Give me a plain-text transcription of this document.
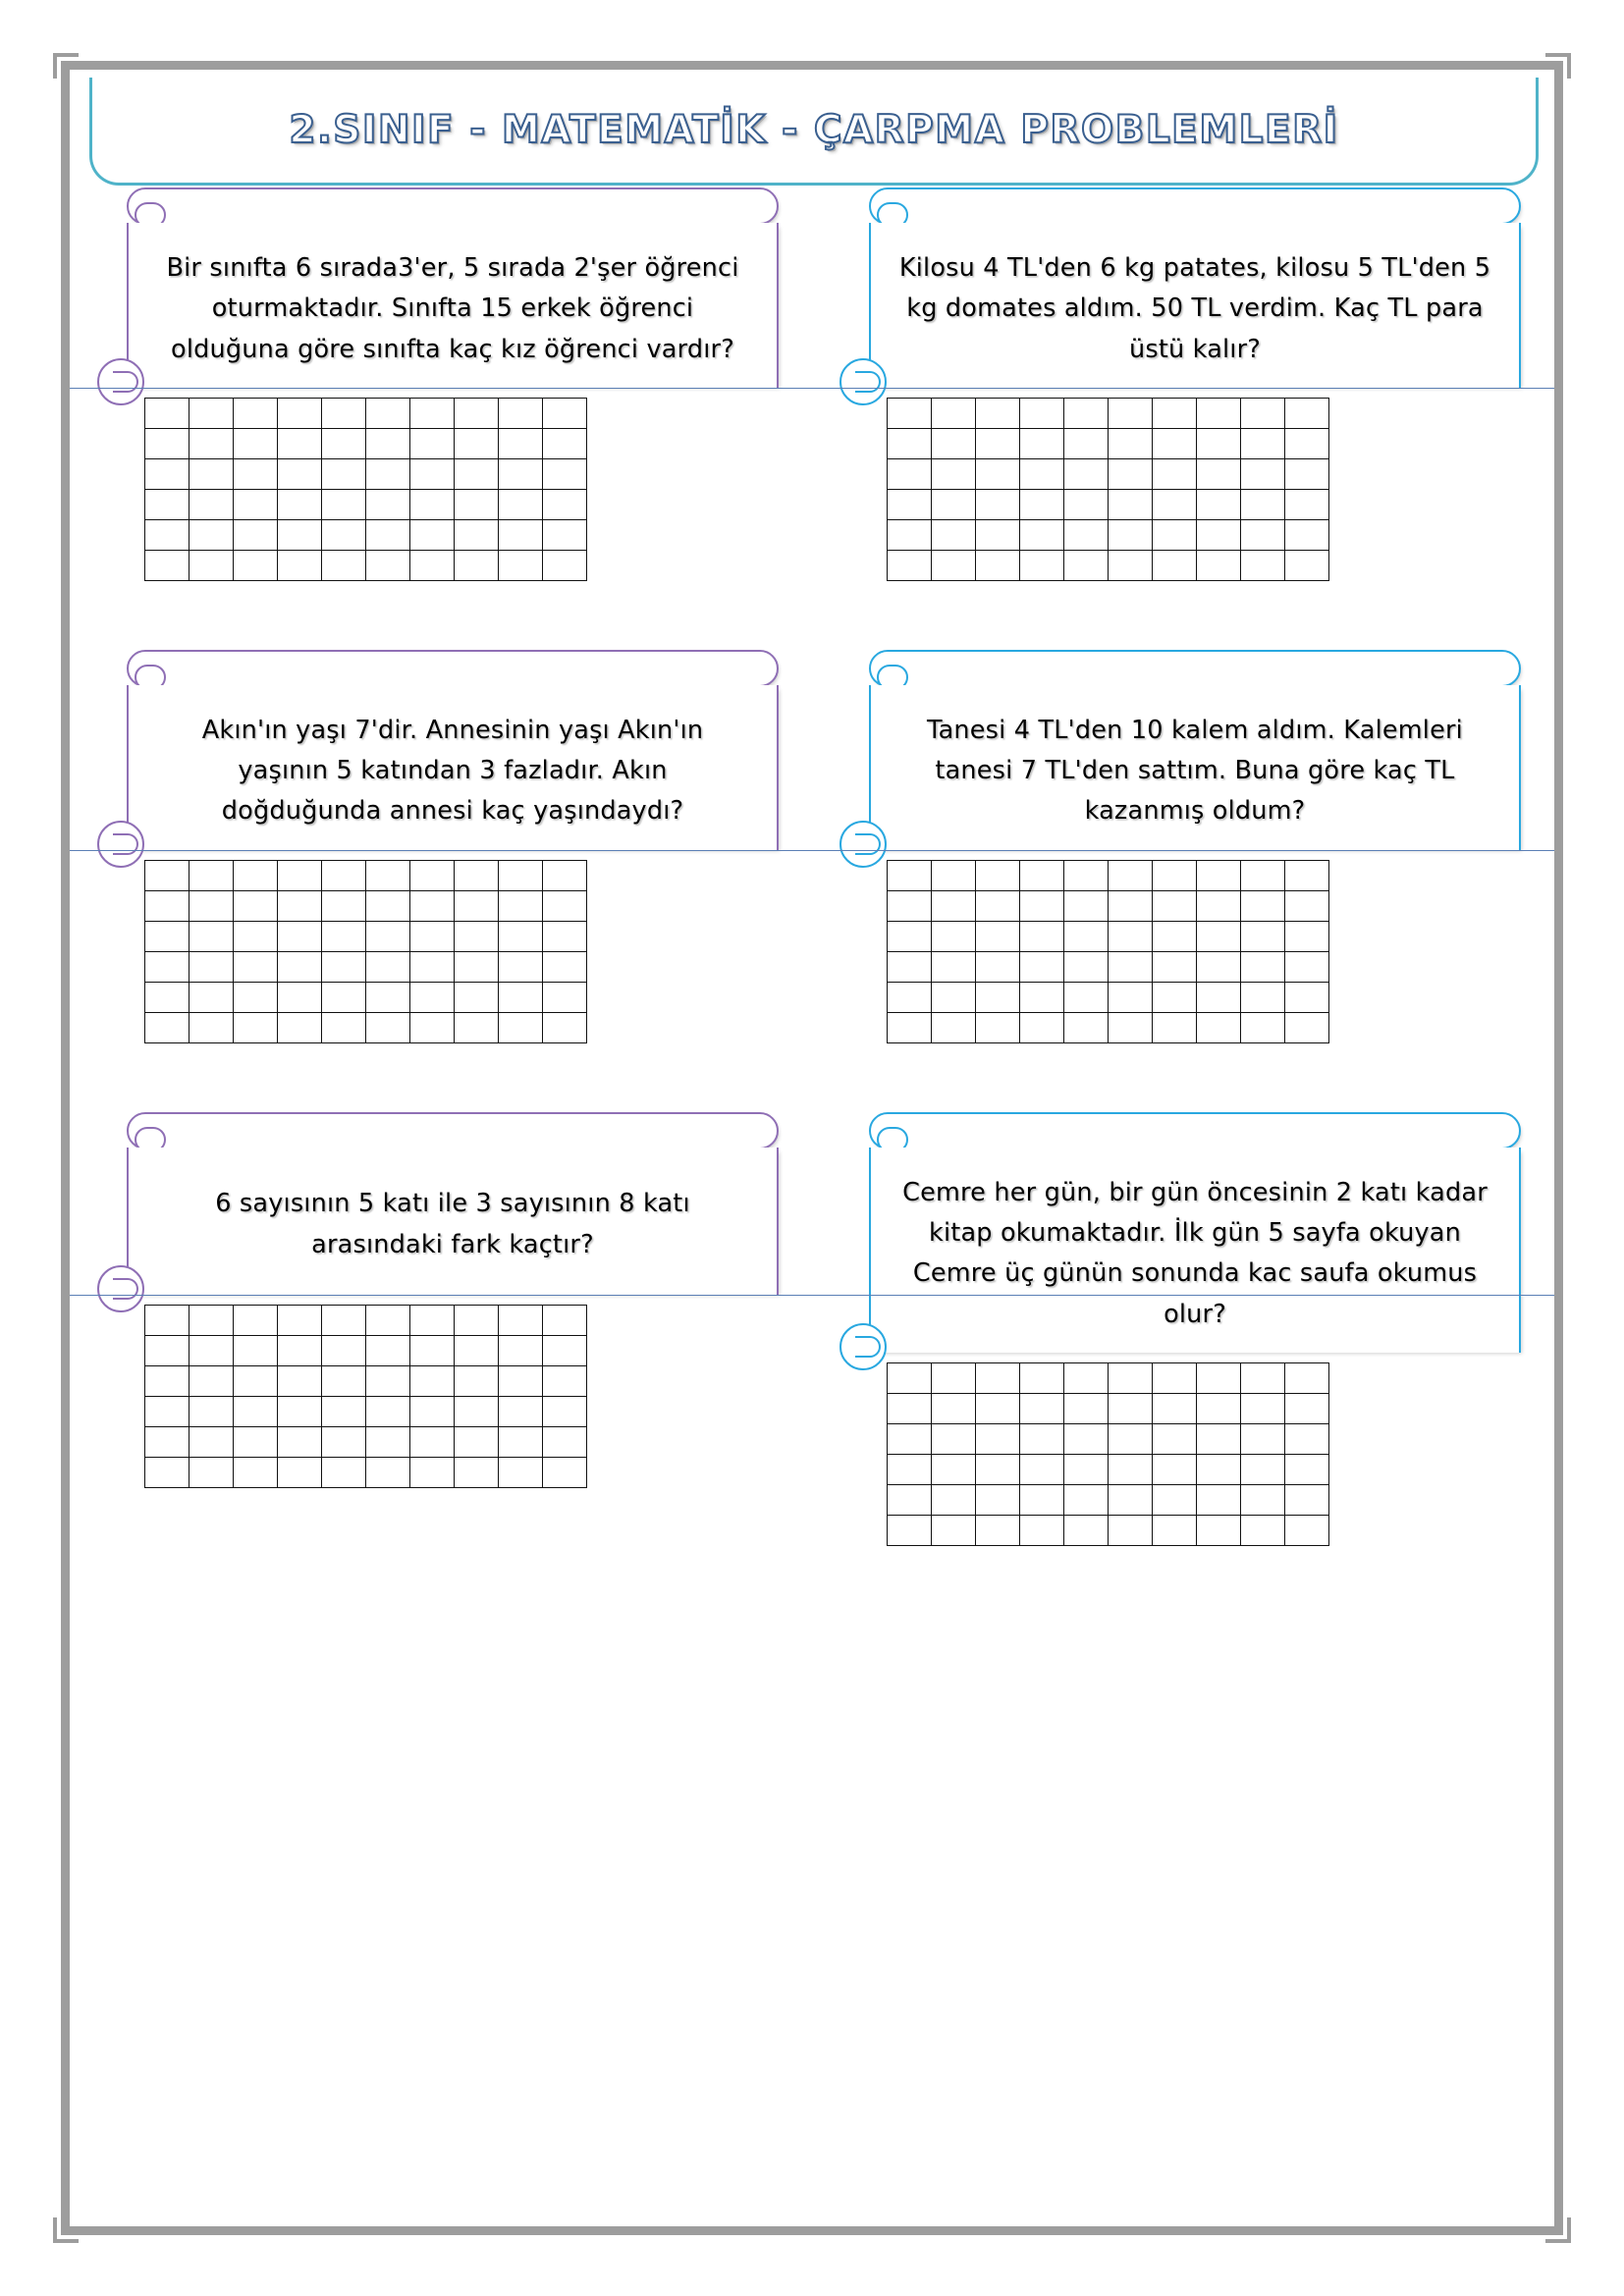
2.SINIF - MATEMATİK - ÇARPMA PROBLEMLERİ
Bir sınıfta 6 sırada3'er, 5 sırada 2'şer öğrenci oturmaktadır. Sınıfta 15 erkek öğrenci olduğuna göre sınıfta kaç kız öğrenci vardır?

Kilosu 4 TL'den 6 kg patates, kilosu 5 TL'den 5 kg domates aldım. 50 TL verdim. Kaç TL para üstü kalır?

Akın'ın yaşı 7'dir. Annesinin yaşı Akın'ın yaşının 5 katından 3 fazladır. Akın doğduğunda annesi kaç yaşındaydı?

Tanesi 4 TL'den 10 kalem aldım. Kalemleri tanesi 7 TL'den sattım. Buna göre kaç TL kazanmış oldum?

6 sayısının 5 katı ile 3 sayısının 8 katı arasındaki fark kaçtır?

Cemre her gün, bir gün öncesinin 2 katı kadar kitap okumaktadır. İlk gün 5 sayfa okuyan Cemre üç günün sonunda kac saufa okumus olur?
